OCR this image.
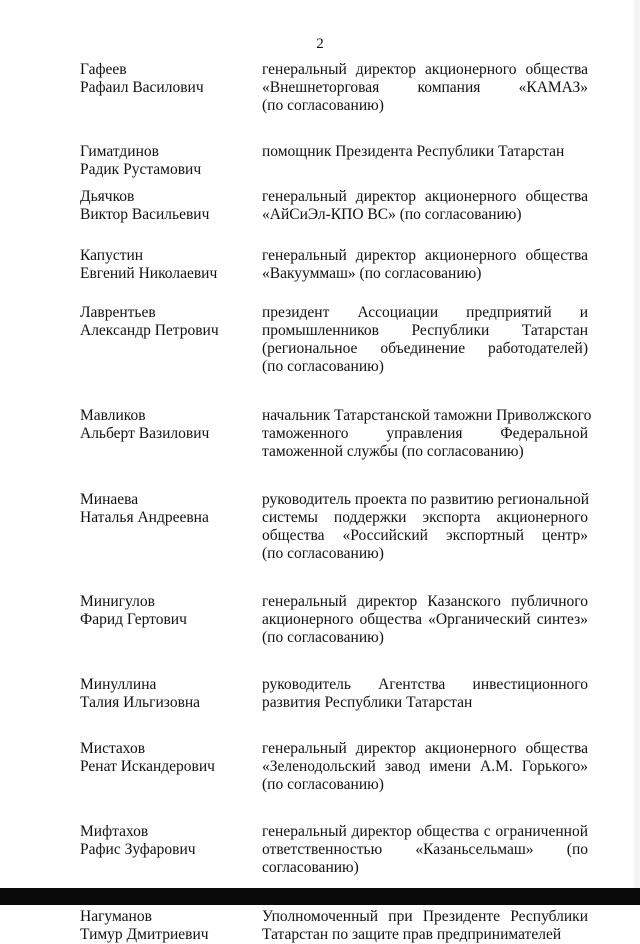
2
Гафеев
Рафаил Василович
генеральный директор акционерного общества
«Внешнеторговая компания «КАМАЗ»
(по согласованию)
Гиматдинов
Радик Рустамович
помощник Президента Республики Татарстан
Дьячков
Виктор Васильевич
генеральный директор акционерного общества
«АйСиЭл-КПО ВС» (по согласованию)
Капустин
Евгений Николаевич
генеральный директор акционерного общества
«Вакууммаш» (по согласованию)
Лаврентьев
Александр Петрович
президент Ассоциации предприятий и
промышленников Республики Татарстан
(региональное объединение работодателей)
(по согласованию)
Мавликов
Альберт Вазилович
начальник Татарстанской таможни Приволжского
таможенного управления Федеральной
таможенной службы (по согласованию)
Минаева
Наталья Андреевна
руководитель проекта по развитию региональной
системы поддержки экспорта акционерного
общества «Российский экспортный центр»
(по согласованию)
Минигулов
Фарид Гертович
генеральный директор Казанского публичного
акционерного общества «Органический синтез»
(по согласованию)
Минуллина
Талия Ильгизовна
руководитель Агентства инвестиционного
развития Республики Татарстан
Мистахов
Ренат Искандерович
генеральный директор акционерного общества
«Зеленодольский завод имени А.М. Горького»
(по согласованию)
Мифтахов
Рафис Зуфарович
генеральный директор общества с ограниченной
ответственностью «Казаньсельмаш» (по
согласованию)
Нагуманов
Тимур Дмитриевич
Уполномоченный при Президенте Республики
Татарстан по защите прав предпринимателей
